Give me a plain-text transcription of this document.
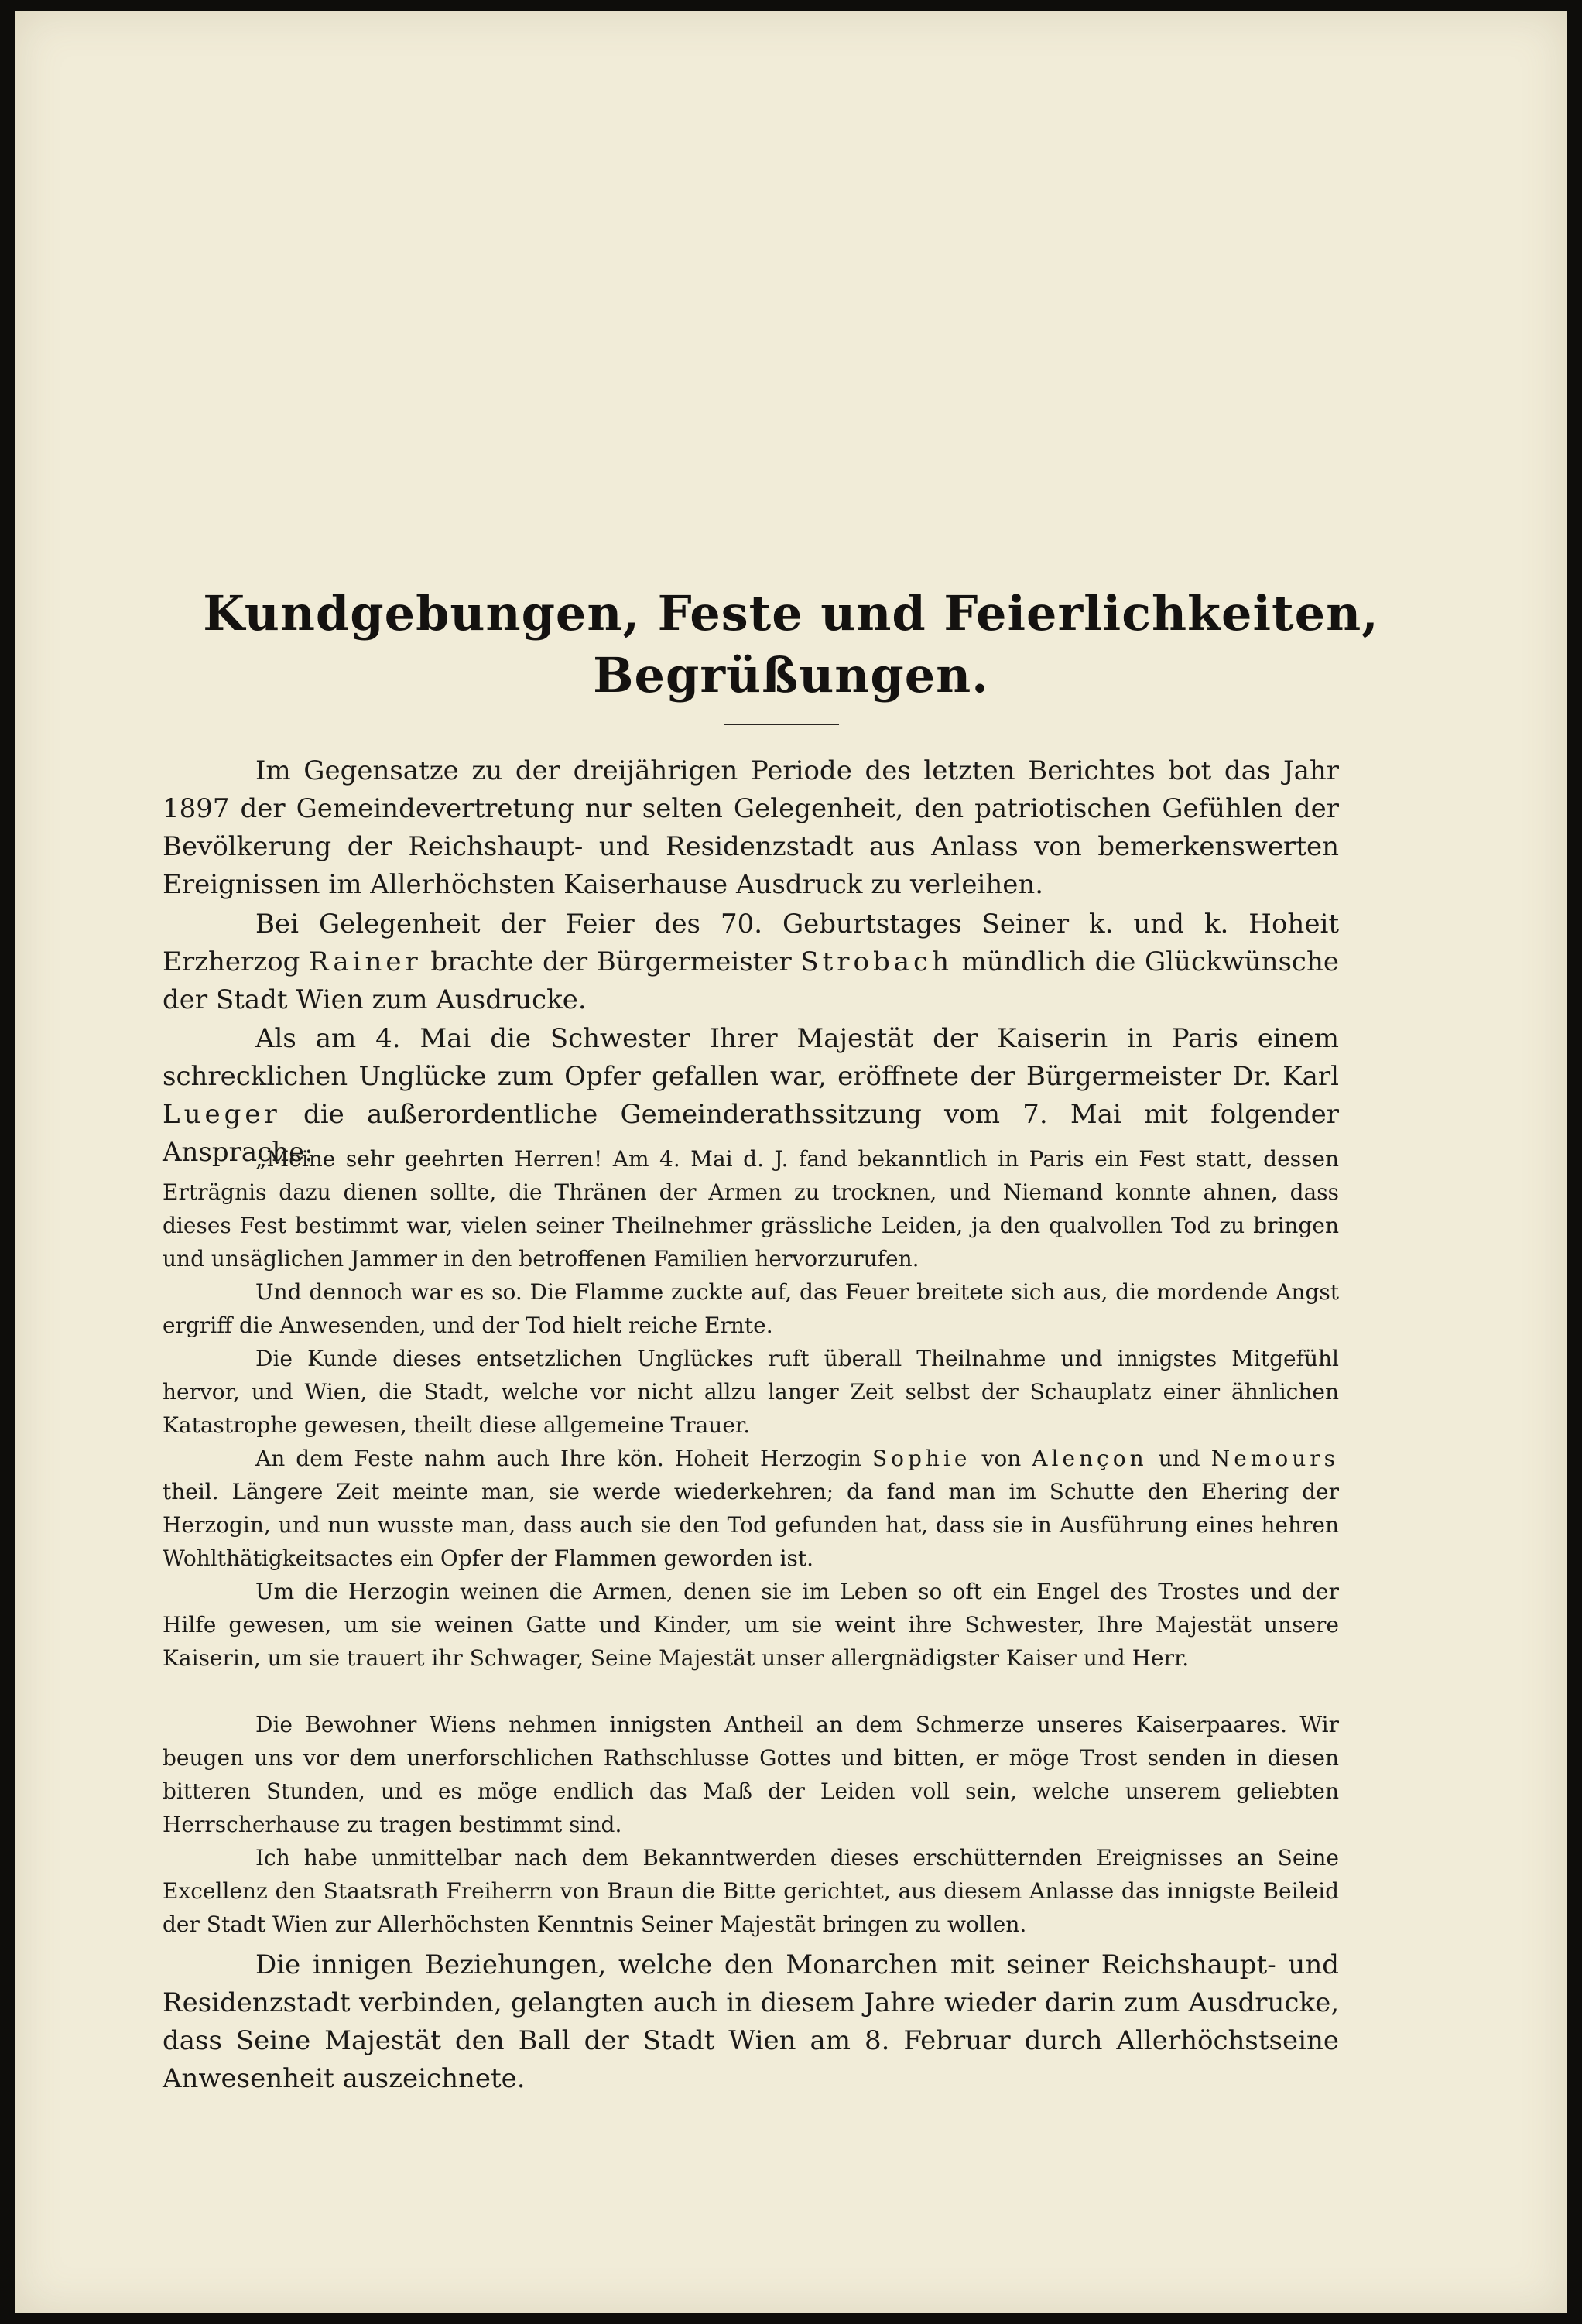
Kundgebungen, Feste und Feierlichkeiten,
Begrüßungen.

Im Gegensatze zu der dreijährigen Periode des letzten Berichtes bot das Jahr 1897 der Gemeindevertretung nur selten Gelegenheit, den patriotischen Gefühlen der Bevölkerung der Reichshaupt- und Residenzstadt aus Anlass von bemerkenswerten Ereignissen im Allerhöchsten Kaiserhause Ausdruck zu verleihen.

Bei Gelegenheit der Feier des 70. Geburtstages Seiner k. und k. Hoheit Erzherzog Rainer brachte der Bürgermeister Strobach mündlich die Glückwünsche der Stadt Wien zum Ausdrucke.

Als am 4. Mai die Schwester Ihrer Majestät der Kaiserin in Paris einem schrecklichen Unglücke zum Opfer gefallen war, eröffnete der Bürgermeister Dr. Karl Lueger die außerordentliche Gemeinderathssitzung vom 7. Mai mit folgender Ansprache:

„Meine sehr geehrten Herren! Am 4. Mai d. J. fand bekanntlich in Paris ein Fest statt, dessen Erträgnis dazu dienen sollte, die Thränen der Armen zu trocknen, und Niemand konnte ahnen, dass dieses Fest bestimmt war, vielen seiner Theilnehmer grässliche Leiden, ja den qualvollen Tod zu bringen und unsäglichen Jammer in den betroffenen Familien hervorzurufen.

Und dennoch war es so. Die Flamme zuckte auf, das Feuer breitete sich aus, die mordende Angst ergriff die Anwesenden, und der Tod hielt reiche Ernte.

Die Kunde dieses entsetzlichen Unglückes ruft überall Theilnahme und innigstes Mitgefühl hervor, und Wien, die Stadt, welche vor nicht allzu langer Zeit selbst der Schauplatz einer ähnlichen Katastrophe gewesen, theilt diese allgemeine Trauer.

An dem Feste nahm auch Ihre kön. Hoheit Herzogin Sophie von Alençon und Nemours theil. Längere Zeit meinte man, sie werde wiederkehren; da fand man im Schutte den Ehering der Herzogin, und nun wusste man, dass auch sie den Tod gefunden hat, dass sie in Ausführung eines hehren Wohlthätigkeitsactes ein Opfer der Flammen geworden ist.

Um die Herzogin weinen die Armen, denen sie im Leben so oft ein Engel des Trostes und der Hilfe gewesen, um sie weinen Gatte und Kinder, um sie weint ihre Schwester, Ihre Majestät unsere Kaiserin, um sie trauert ihr Schwager, Seine Majestät unser allergnädigster Kaiser und Herr.

Die Bewohner Wiens nehmen innigsten Antheil an dem Schmerze unseres Kaiserpaares. Wir beugen uns vor dem unerforschlichen Rathschlusse Gottes und bitten, er möge Trost senden in diesen bitteren Stunden, und es möge endlich das Maß der Leiden voll sein, welche unserem geliebten Herrscherhause zu tragen bestimmt sind.

Ich habe unmittelbar nach dem Bekanntwerden dieses erschütternden Ereignisses an Seine Excellenz den Staatsrath Freiherrn von Braun die Bitte gerichtet, aus diesem Anlasse das innigste Beileid der Stadt Wien zur Allerhöchsten Kenntnis Seiner Majestät bringen zu wollen.

Die innigen Beziehungen, welche den Monarchen mit seiner Reichshaupt- und Residenzstadt verbinden, gelangten auch in diesem Jahre wieder darin zum Ausdrucke, dass Seine Majestät den Ball der Stadt Wien am 8. Februar durch Allerhöchstseine Anwesenheit auszeichnete.
